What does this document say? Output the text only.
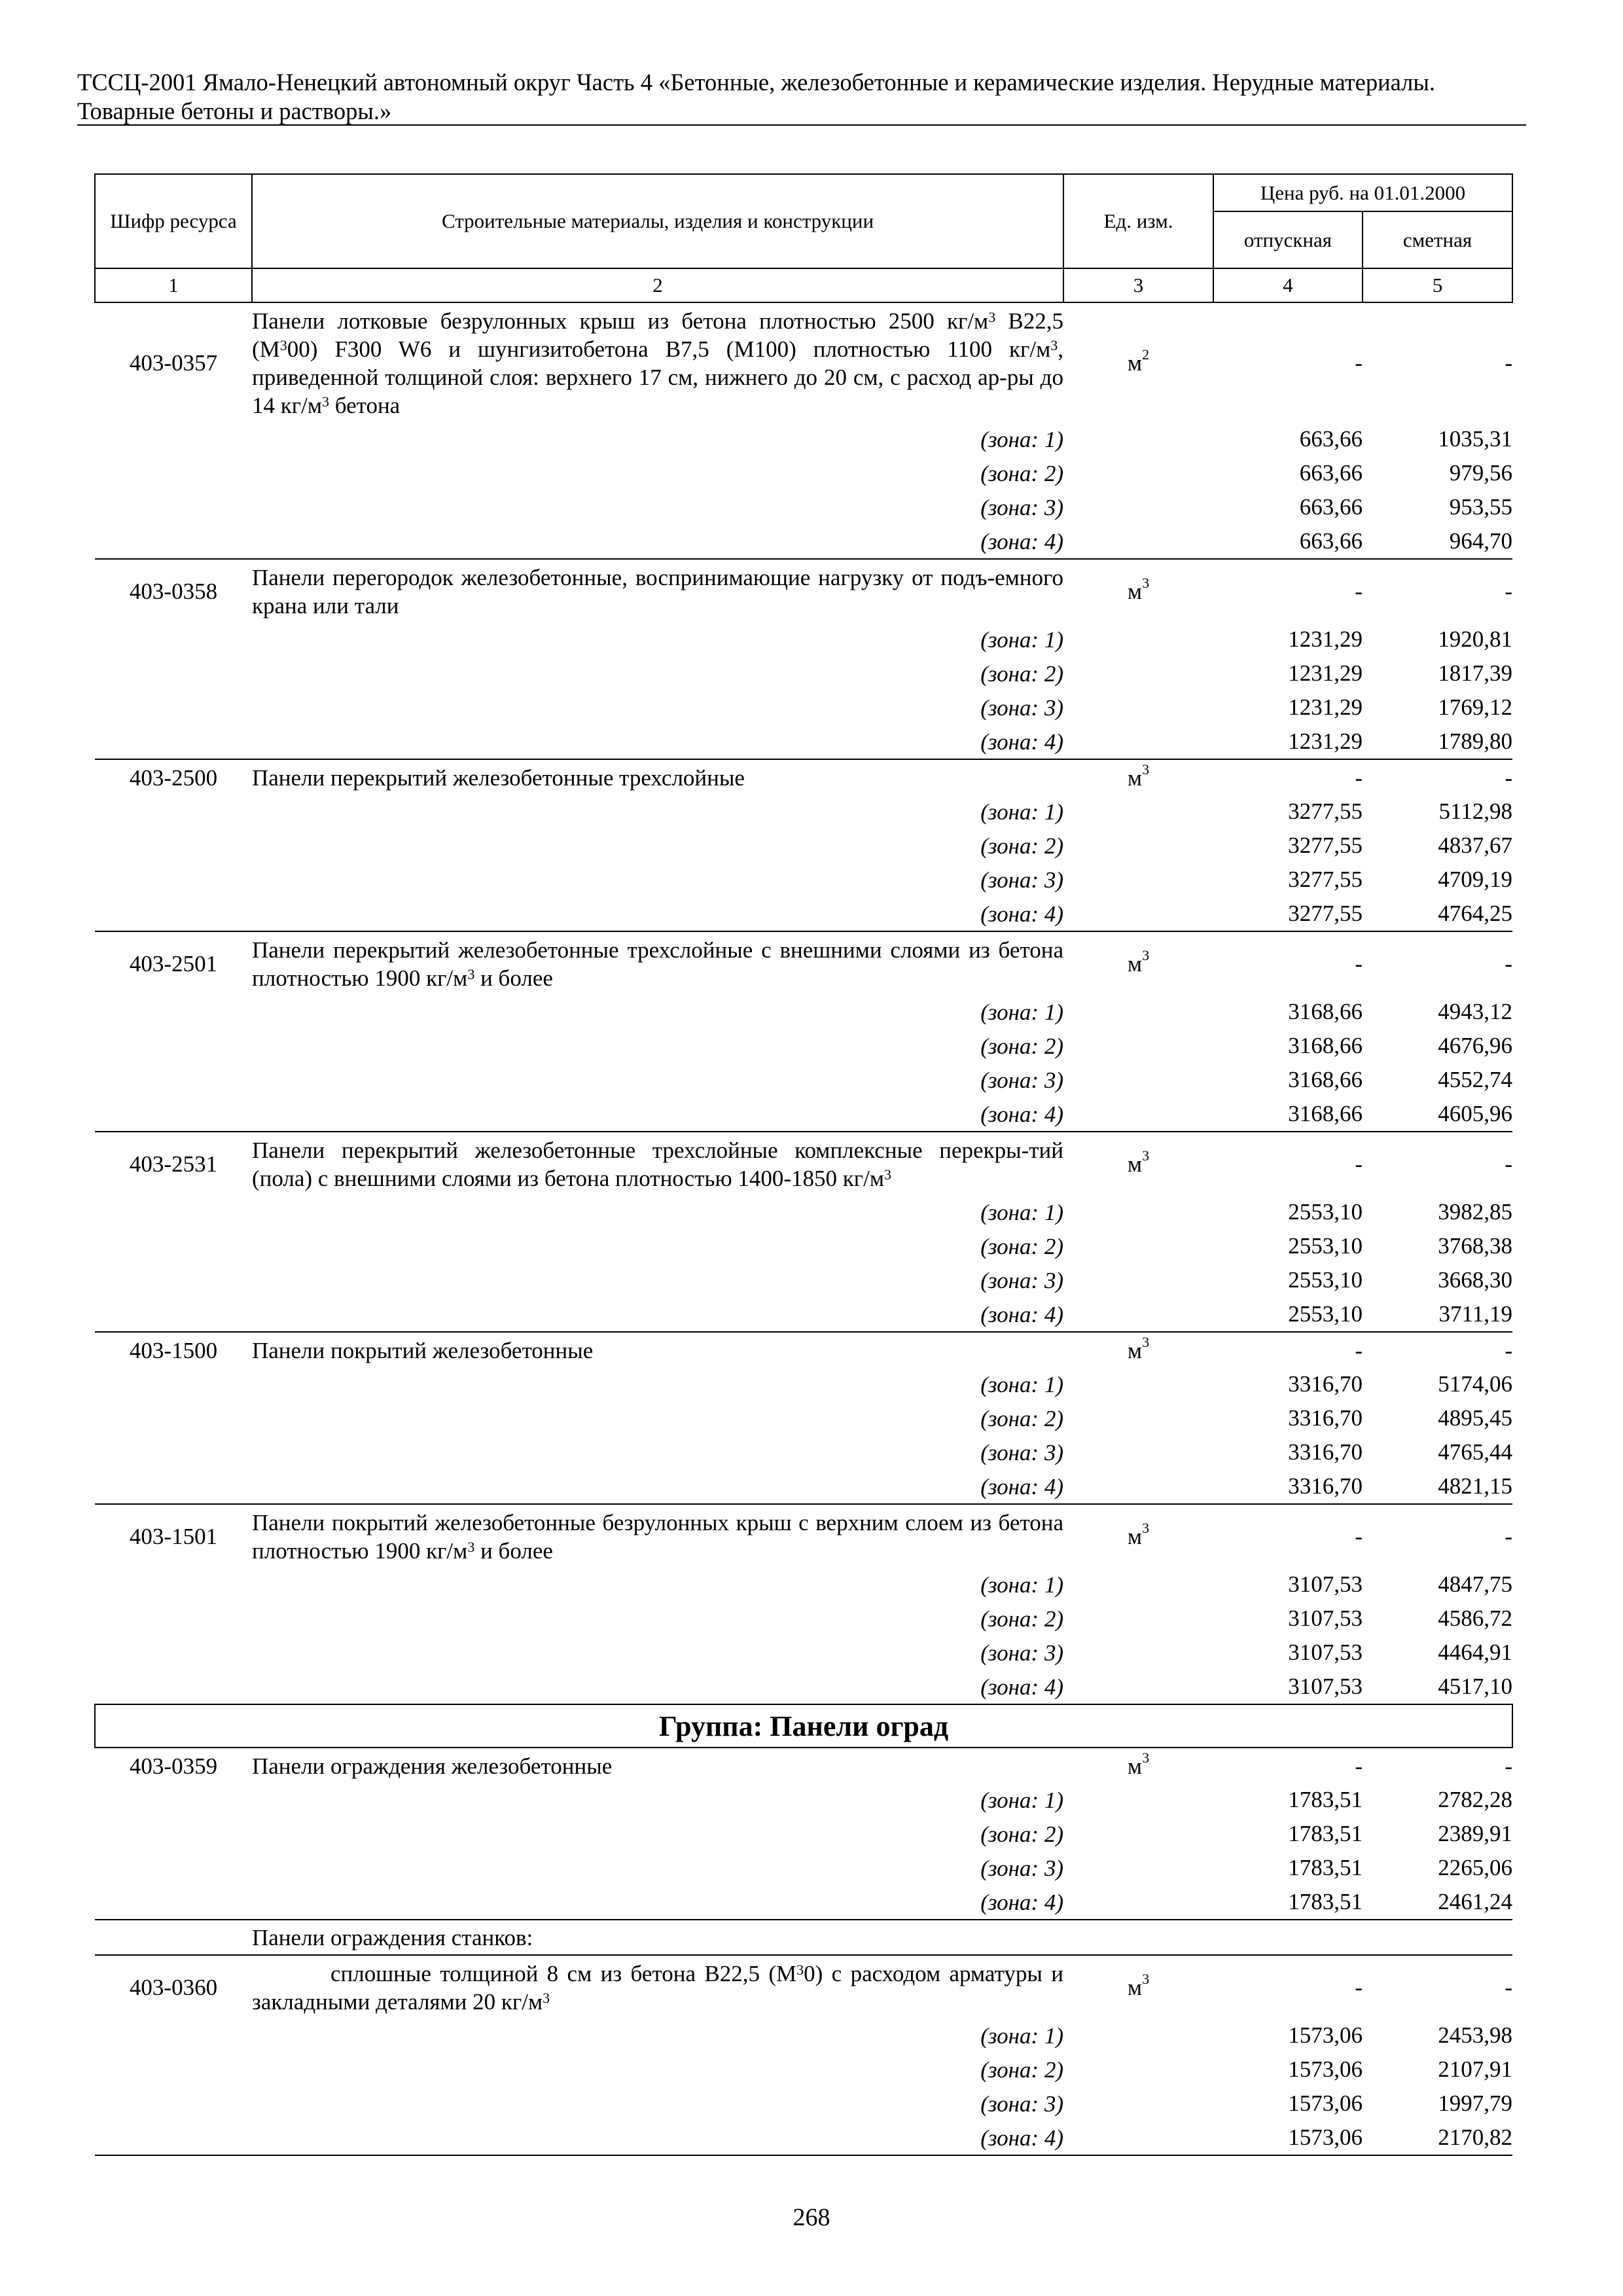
ТССЦ-2001 Ямало-Ненецкий автономный округ Часть 4 «Бетонные, железобетонные и керамические изделия. Нерудные материалы.
Товарные бетоны и растворы.»
Шифр ресурса	Строительные материалы, изделия и конструкции	Ед. изм.	Цена руб. на 01.01.2000	
			отпускная	сметная
1	2	3	4	5
403-0357	Панели лотковые безрулонных крыш из бетона плотностью 2500 $кг/м^3$ В22,5 $(М^300)$ F300 W6 и шунгизитобетона В7,5 (М100) плотностью 1100 $кг/м^3$, приведенной толщиной слоя: верхнего 17 см, нижнего до 20 см, с расход ар-ры до 14 $кг/м^3$ бетона	$м^2$	-	-
	(зона: 1)		663,66	1035,31
	(зона: 2)		663,66	979,56
	(зона: 3)		663,66	953,55
	(зона: 4)		663,66	964,70
403-0358	Панели перегородок железобетонные, воспринимающие нагрузку от подъ-емного крана или тали	$м^3$	-	-
	(зона: 1)		1231,29	1920,81
	(зона: 2)		1231,29	1817,39
	(зона: 3)		1231,29	1769,12
	(зона: 4)		1231,29	1789,80
403-2500	Панели перекрытий железобетонные трехслойные	$м^3$	-	-
	(зона: 1)		3277,55	5112,98
	(зона: 2)		3277,55	4837,67
	(зона: 3)		3277,55	4709,19
	(зона: 4)		3277,55	4764,25
403-2501	Панели перекрытий железобетонные трехслойные с внешними слоями из бетона плотностью 1900 $кг/м^3$ и более	$м^3$	-	-
	(зона: 1)		3168,66	4943,12
	(зона: 2)		3168,66	4676,96
	(зона: 3)		3168,66	4552,74
	(зона: 4)		3168,66	4605,96
403-2531	Панели перекрытий железобетонные трехслойные комплексные перекры-тий (пола) с внешними слоями из бетона плотностью 1400-1850 $кг/м^3$	$м^3$	-	-
	(зона: 1)		2553,10	3982,85
	(зона: 2)		2553,10	3768,38
	(зона: 3)		2553,10	3668,30
	(зона: 4)		2553,10	3711,19
403-1500	Панели покрытий железобетонные	$м^3$	-	-
	(зона: 1)		3316,70	5174,06
	(зона: 2)		3316,70	4895,45
	(зона: 3)		3316,70	4765,44
	(зона: 4)		3316,70	4821,15
403-1501	Панели покрытий железобетонные безрулонных крыш с верхним слоем из бетона плотностью 1900 $кг/м^3$ и более	$м^3$	-	-
	(зона: 1)		3107,53	4847,75
	(зона: 2)		3107,53	4586,72
	(зона: 3)		3107,53	4464,91
	(зона: 4)		3107,53	4517,10
Группа: Панели оград				
403-0359	Панели ограждения железобетонные	$м^3$	-	-
	(зона: 1)		1783,51	2782,28
	(зона: 2)		1783,51	2389,91
	(зона: 3)		1783,51	2265,06
	(зона: 4)		1783,51	2461,24
	Панели ограждения станков:			
403-0360	сплошные толщиной 8 см из бетона В22,5 $(М^30)$ с расходом арматуры и закладными деталями 20 $кг/м^3$	$м^3$	-	-
	(зона: 1)		1573,06	2453,98
	(зона: 2)		1573,06	2107,91
	(зона: 3)		1573,06	1997,79
	(зона: 4)		1573,06	2170,82
268
